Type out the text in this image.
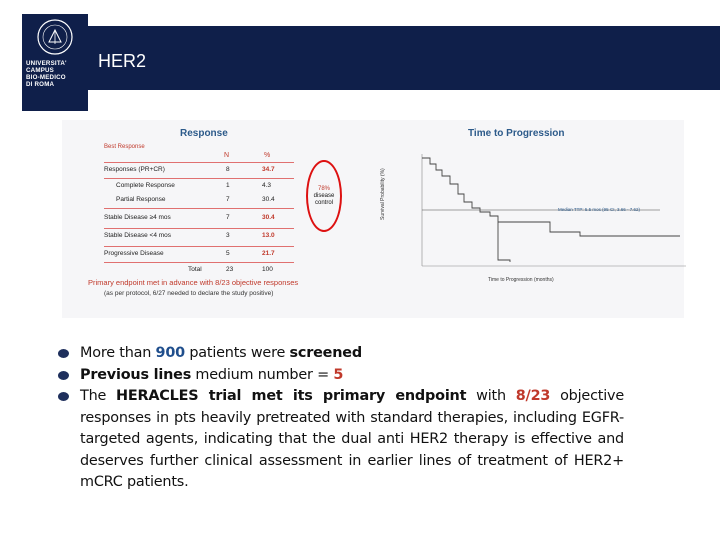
UNIVERSITA'
CAMPUS
BIO-MEDICO
DI ROMA
HER2
Response
Best Response
N	%
Responses (PR+CR)	8	34.7
Complete Response	1	4.3
Partial Response	7	30.4
Stable Disease ≥4 mos	7	30.4
Stable Disease <4 mos	3	13.0
Progressive Disease	5	21.7
Total	23	100
78%
disease
control
Primary endpoint met in advance with 8/23 objective responses
(as per protocol, 6/27 needed to declare the study positive)
Time to Progression
Median TTP: 5.5 mos (95 CI, 3.66 - 7.62)
Time to Progression (months)
Survival Probability (%)
More than 900 patients were screened
Previous lines medium number = 5
The HERACLES trial met its primary endpoint with 8/23 objective responses in pts heavily pretreated with standard therapies, including EGFR-targeted agents, indicating that the dual anti HER2 therapy is effective and deserves further clinical assessment in earlier lines of treatment of HER2+ mCRC patients.
